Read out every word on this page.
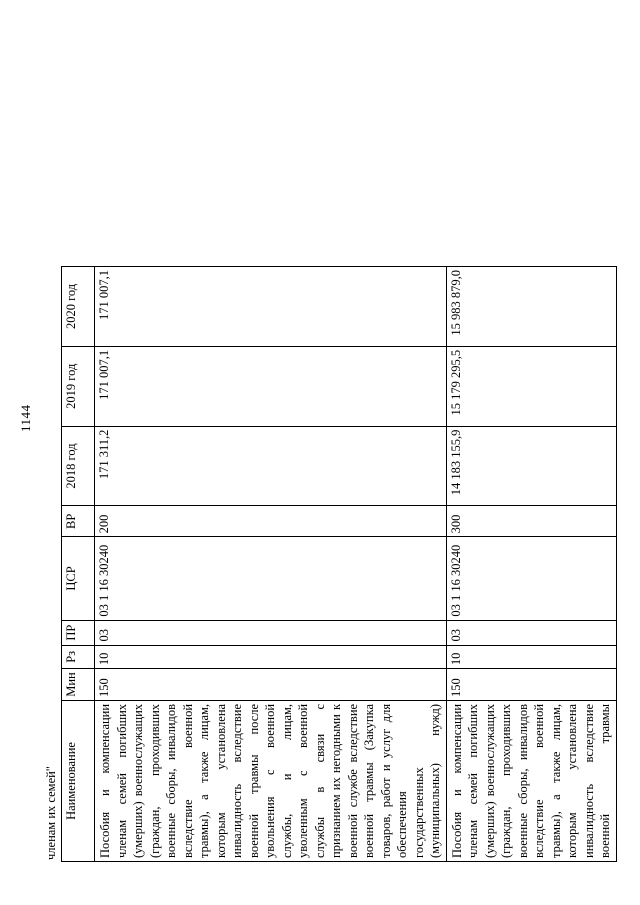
1144
членам их семей" Наименование	Мин	Рз	ПР	ЦСР	ВР	2018 год	2019 год	2020 год
Пособия и компенсации членам семей погибших (умерших) военнослужащих (граждан, проходивших военные сборы, инвалидов вследствие военной травмы), а также лицам, которым установлена инвалидность вследствие военной травмы после увольнения с военной службы, и лицам, уволенным с военной службы в связи с признанием их негодными к военной службе вследствие военной травмы (Закупка товаров, работ и услуг для обеспечения государственных (муниципальных) нужд)	150	10	03	03 1 16 30240	200	171 311,2	171 007,1	171 007,1
Пособия и компенсации членам семей погибших (умерших) военнослужащих (граждан, проходивших военные сборы, инвалидов вследствие военной травмы), а также лицам, которым установлена инвалидность вследствие военной травмы	150	10	03	03 1 16 30240	300	14 183 155,9	15 179 295,5	15 983 879,0
